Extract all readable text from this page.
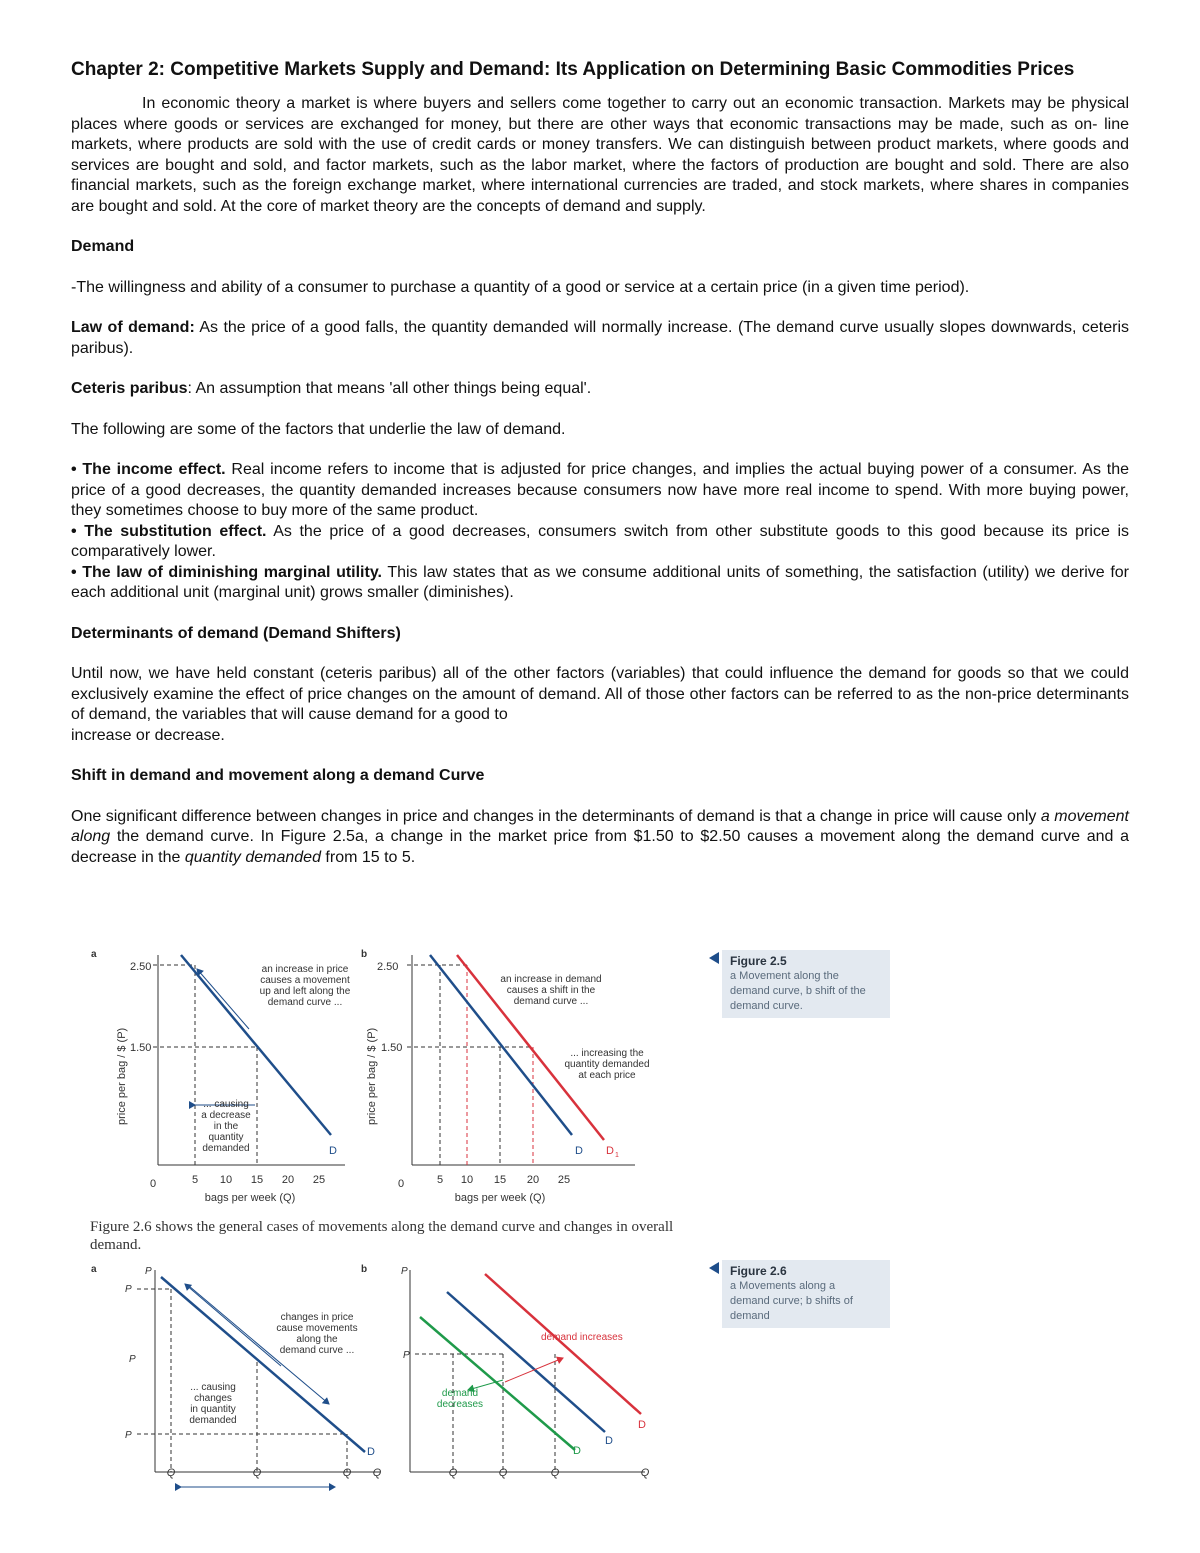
Chapter 2: Competitive Markets Supply and Demand: Its Application on Determining Basic Commodities Prices

In economic theory a market is where buyers and sellers come together to carry out an economic transaction. Markets may be physical places where goods or services are exchanged for money, but there are other ways that economic transactions may be made, such as on- line markets, where products are sold with the use of credit cards or money transfers. We can distinguish between product markets, where goods and services are bought and sold, and factor markets, such as the labor market, where the factors of production are bought and sold. There are also financial markets, such as the foreign exchange market, where international currencies are traded, and stock markets, where shares in companies are bought and sold. At the core of market theory are the concepts of demand and supply.

Demand

-The willingness and ability of a consumer to purchase a quantity of a good or service at a certain price (in a given time period).

Law of demand: As the price of a good falls, the quantity demanded will normally increase. (The demand curve usually slopes downwards, ceteris paribus).

Ceteris paribus: An assumption that means 'all other things being equal'.

The following are some of the factors that underlie the law of demand.

• The income effect. Real income refers to income that is adjusted for price changes, and implies the actual buying power of a consumer. As the price of a good decreases, the quantity demanded increases because consumers now have more real income to spend. With more buying power, they sometimes choose to buy more of the same product.

• The substitution effect. As the price of a good decreases, consumers switch from other substitute goods to this good because its price is comparatively lower.

• The law of diminishing marginal utility. This law states that as we consume additional units of something, the satisfaction (utility) we derive for each additional unit (marginal unit) grows smaller (diminishes).

Determinants of demand (Demand Shifters)

Until now, we have held constant (ceteris paribus) all of the other factors (variables) that could influence the demand for goods so that we could exclusively examine the effect of price changes on the amount of demand. All of those other factors can be referred to as the non-price determinants of demand, the variables that will cause demand for a good to
increase or decrease.

Shift in demand and movement along a demand Curve

One significant difference between changes in price and changes in the determinants of demand is that a change in price will cause only a movement along the demand curve. In Figure 2.5a, a change in the market price from $1.50 to $2.50 causes a movement along the demand curve and a decrease in the quantity demanded from 15 to 5.

a
2.50
1.50
D
an increase in price
causes a movement
up and left along the
demand curve ...
... causing
a decrease
in the
quantity
demanded
0	5 10 15 20 25
bags per week (Q)
price per bag / $ (P)
b
2.50
1.50
D D 1
an increase in demand
causes a shift in the
demand curve ...
... increasing the
quantity demanded
at each price
0	5 10 15 20 25
bags per week (Q)
price per bag / $ (P)
Figure 2.5
a Movement along the
demand curve, b shift of the
demand curve.
Figure 2.6 shows the general cases of movements along the demand curve and changes in overall demand.
a	P
P
P
P
D
changes in price
cause movements
along the
demand curve ...
... causing
changes
in quantity
demanded
Q	Q	Q Q
b	P
P
demand increases
demand
decreases
D
D
D
Q	Q	Q	Q
Figure 2.6
a Movements along a
demand curve; b shifts of
demand
